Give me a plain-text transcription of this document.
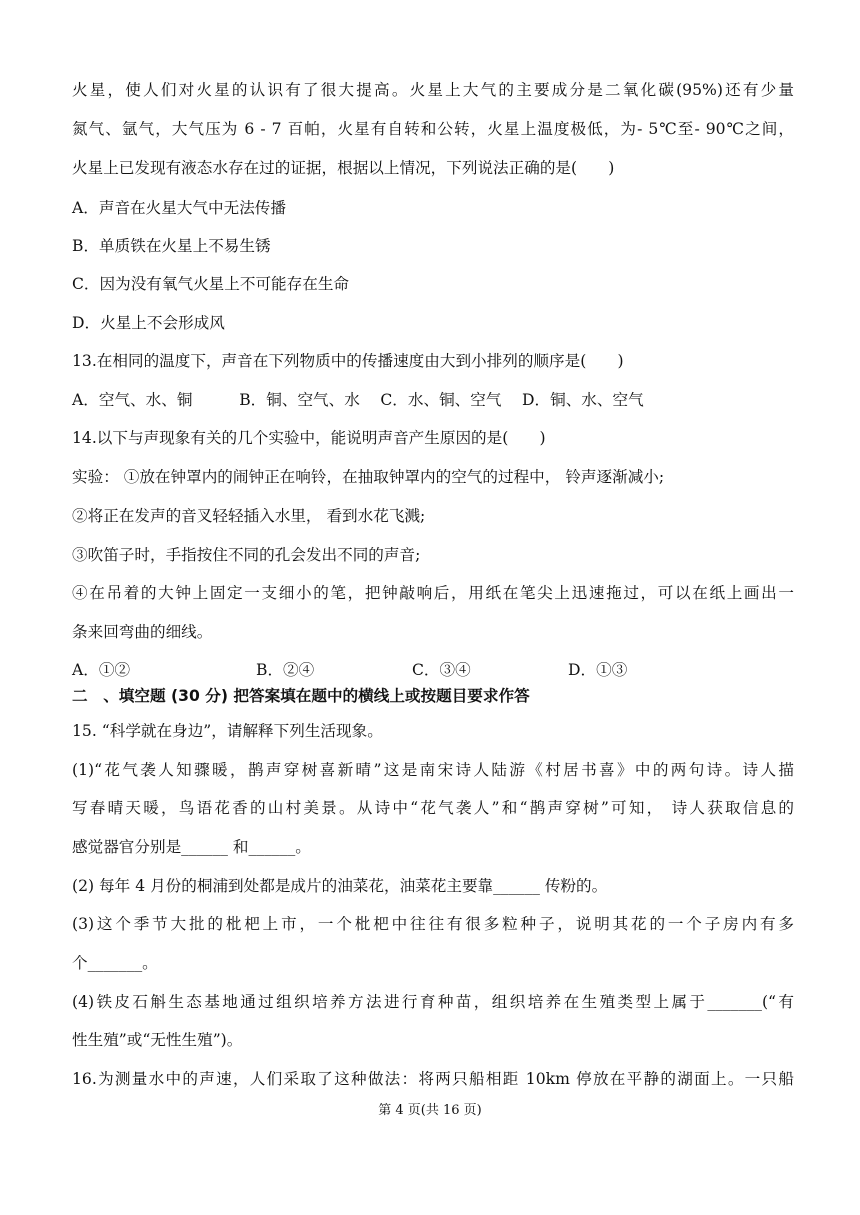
火星，使人们对火星的认识有了很大提高。火星上大气的主要成分是二氧化碳(95%)还有少量
氮气、氩气，大气压为 6 - 7 百帕，火星有自转和公转，火星上温度极低，为- 5℃至- 90℃之间，
火星上已发现有液态水存在过的证据，根据以上情况，下列说法正确的是(　　)
A．声音在火星大气中无法传播
B．单质铁在火星上不易生锈
C．因为没有氧气火星上不可能存在生命
D．火星上不会形成风
13.在相同的温度下，声音在下列物质中的传播速度由大到小排列的顺序是(　　)
A．空气、水、铜　　　B．铜、空气、水　 C．水、铜、空气　 D．铜、水、空气
14.以下与声现象有关的几个实验中，能说明声音产生原因的是(　　)
实验： ①放在钟罩内的闹钟正在响铃，在抽取钟罩内的空气的过程中， 铃声逐渐减小;
②将正在发声的音叉轻轻插入水里， 看到水花飞溅;
③吹笛子时，手指按住不同的孔会发出不同的声音;
④在吊着的大钟上固定一支细小的笔，把钟敲响后，用纸在笔尖上迅速拖过，可以在纸上画出一
条来回弯曲的细线。
A．①②	B．②④	C．③④	D．①③
二　、填空题 (30 分) 把答案填在题中的横线上或按题目要求作答
15. “科学就在身边”，请解释下列生活现象。
(1)“花气袭人知骤暖，鹊声穿树喜新晴”这是南宋诗人陆游《村居书喜》中的两句诗。诗人描
写春晴天暖，鸟语花香的山村美景。从诗中“花气袭人”和“鹊声穿树”可知， 诗人获取信息的
感觉器官分别是______ 和______。
(2) 每年 4 月份的桐浦到处都是成片的油菜花，油菜花主要靠______ 传粉的。
(3)这个季节大批的枇杷上市，一个枇杷中往往有很多粒种子，说明其花的一个子房内有多
个_______。
(4)铁皮石斛生态基地通过组织培养方法进行育种苗，组织培养在生殖类型上属于_______(“有
性生殖”或“无性生殖”)。
16.为测量水中的声速，人们采取了这种做法：将两只船相距 10km 停放在平静的湖面上。一只船
第 4 页(共 16 页)
